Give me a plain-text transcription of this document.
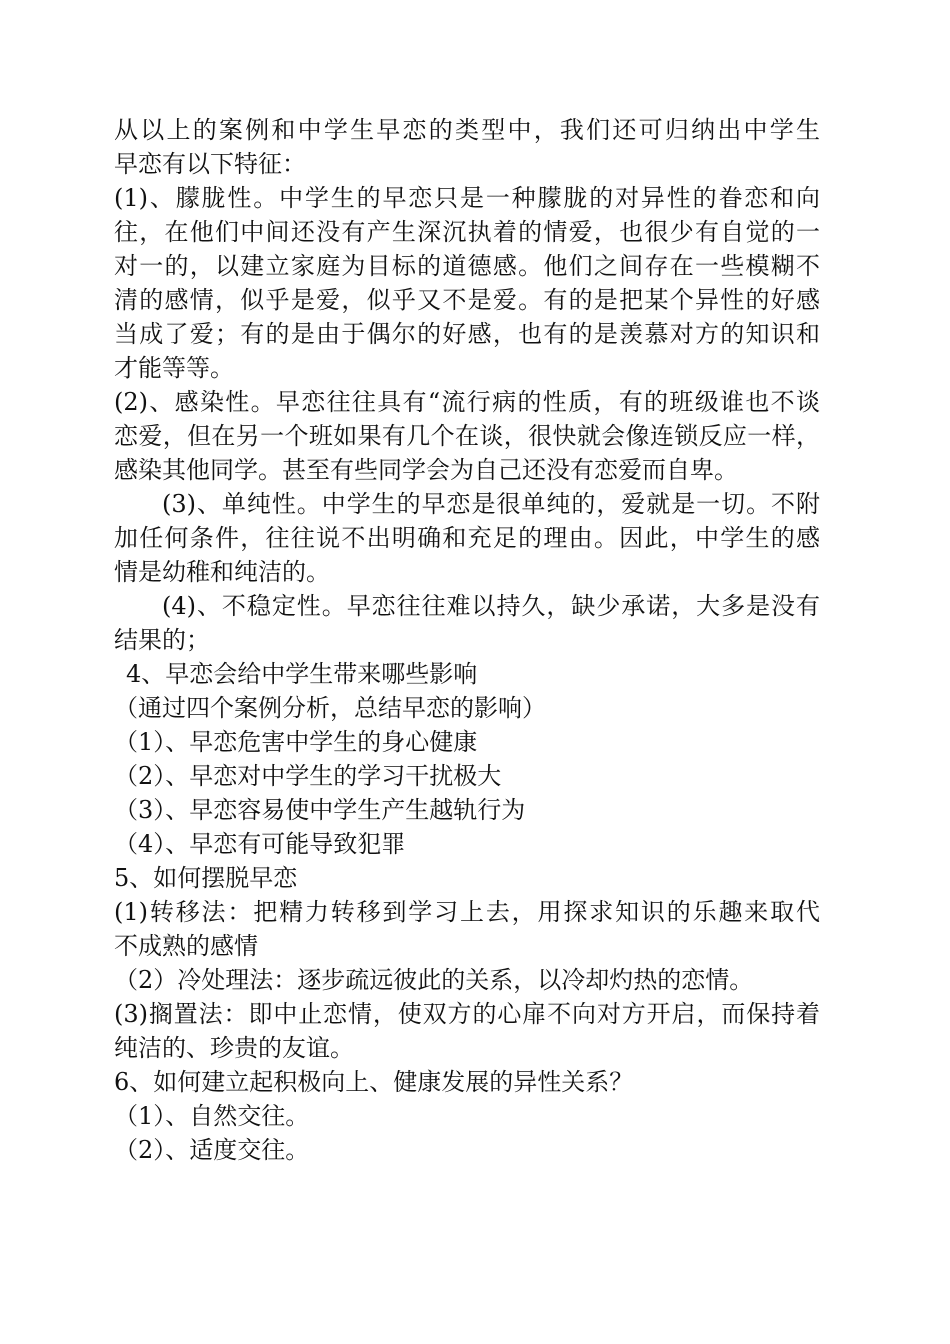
从以上的案例和中学生早恋的类型中，我们还可归纳出中学生
早恋有以下特征：
(1)、朦胧性。中学生的早恋只是一种朦胧的对异性的眷恋和向
往，在他们中间还没有产生深沉执着的情爱，也很少有自觉的一
对一的，以建立家庭为目标的道德感。他们之间存在一些模糊不
清的感情，似乎是爱，似乎又不是爱。有的是把某个异性的好感
当成了爱；有的是由于偶尔的好感，也有的是羡慕对方的知识和
才能等等。
(2)、感染性。早恋往往具有“流行病的性质，有的班级谁也不谈
恋爱，但在另一个班如果有几个在谈，很快就会像连锁反应一样，
感染其他同学。甚至有些同学会为自己还没有恋爱而自卑。
(3)、单纯性。中学生的早恋是很单纯的，爱就是一切。不附
加任何条件，往往说不出明确和充足的理由。因此，中学生的感
情是幼稚和纯洁的。
(4)、不稳定性。早恋往往难以持久，缺少承诺，大多是没有
结果的；
4、早恋会给中学生带来哪些影响
（通过四个案例分析，总结早恋的影响）
（1）、早恋危害中学生的身心健康
（2）、早恋对中学生的学习干扰极大
（3）、早恋容易使中学生产生越轨行为
（4）、早恋有可能导致犯罪
5、如何摆脱早恋
(1)转移法：把精力转移到学习上去，用探求知识的乐趣来取代
不成熟的感情
（2）冷处理法：逐步疏远彼此的关系，以冷却灼热的恋情。
(3)搁置法：即中止恋情，使双方的心扉不向对方开启，而保持着
纯洁的、珍贵的友谊。
6、如何建立起积极向上、健康发展的异性关系？
（1）、自然交往。
（2）、适度交往。
